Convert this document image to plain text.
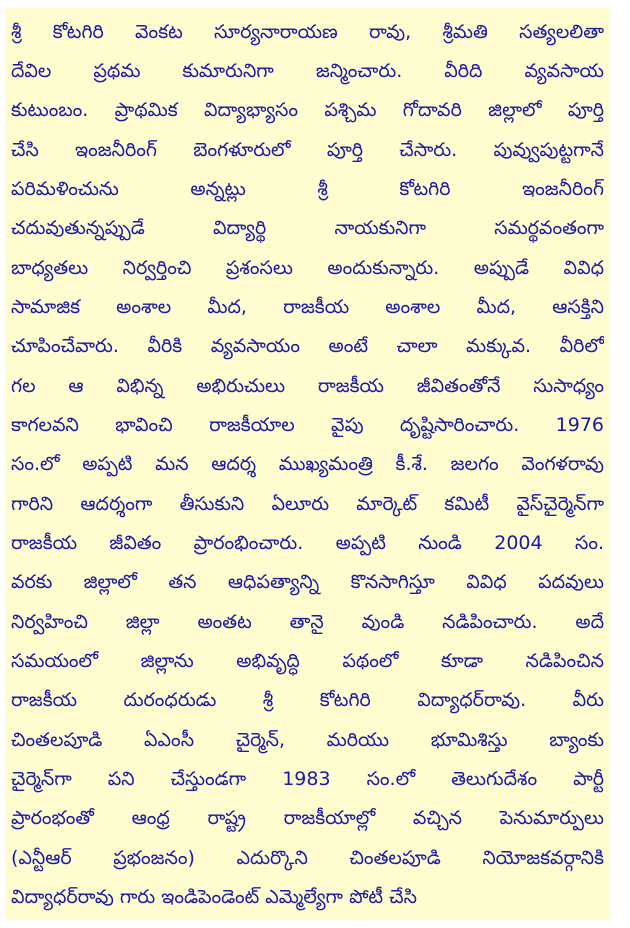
శ్రీ కోటగిరి వెంకట సూర్యనారాయణ రావు, శ్రీమతి సత్యలలితా
దేవిల ప్రథమ కుమారునిగా జన్మించారు. వీరిది వ్యవసాయ
కుటుంబం. ప్రాథమిక విద్యాభ్యాసం పశ్చిమ గోదావరి జిల్లాలో పూర్తి
చేసి ఇంజనీరింగ్ బెంగళూరులో పూర్తి చేసారు. పువ్వుపుట్టగానే
పరిమళించును అన్నట్లు శ్రీ కోటగిరి ఇంజనీరింగ్
చదువుతున్నప్పుడే విద్యార్థి నాయకునిగా సమర్థవంతంగా
బాధ్యతలు నిర్వర్తించి ప్రశంసలు అందుకున్నారు. అప్పుడే వివిధ
సామాజిక అంశాల మీద, రాజకీయ అంశాల మీద, ఆసక్తిని
చూపించేవారు. వీరికి వ్యవసాయం అంటే చాలా మక్కువ. వీరిలో
గల ఆ విభిన్న అభిరుచులు రాజకీయ జీవితంతోనే సుసాధ్యం
కాగలవని భావించి రాజకీయాల వైపు దృష్టిసారించారు. 1976
సం.లో అప్పటి మన ఆదర్శ ముఖ్యమంత్రి కీ.శే. జలగం వెంగళరావు
గారిని ఆదర్శంగా తీసుకుని ఏలూరు మార్కెట్ కమిటీ వైస్‌చైర్మెన్‌గా
రాజకీయ జీవితం ప్రారంభించారు. అప్పటి నుండి 2004 సం.
వరకు జిల్లాలో తన ఆధిపత్యాన్ని కొనసాగిస్తూ వివిధ పదవులు
నిర్వహించి జిల్లా అంతట తానై వుండి నడిపించారు. అదే
సమయంలో జిల్లాను అభివృద్ధి పథంలో కూడా నడిపించిన
రాజకీయ దురంధరుడు శ్రీ కోటగిరి విద్యాధర్‌రావు. వీరు
చింతలపూడి ఏఎంసీ చైర్మెన్, మరియు భూమిశిస్తు బ్యాంకు
చైర్మెన్‌గా పని చేస్తుండగా 1983 సం.లో తెలుగుదేశం పార్టీ
ప్రారంభంతో ఆంధ్ర రాష్ట్ర రాజకీయాల్లో వచ్చిన పెనుమార్పులు
(ఎన్టీఆర్ ప్రభంజనం) ఎదుర్కొని చింతలపూడి నియోజకవర్గానికి
విద్యాధర్‌రావు గారు ఇండిపెండెంట్ ఎమ్మెల్యేగా పోటీ చేసి
